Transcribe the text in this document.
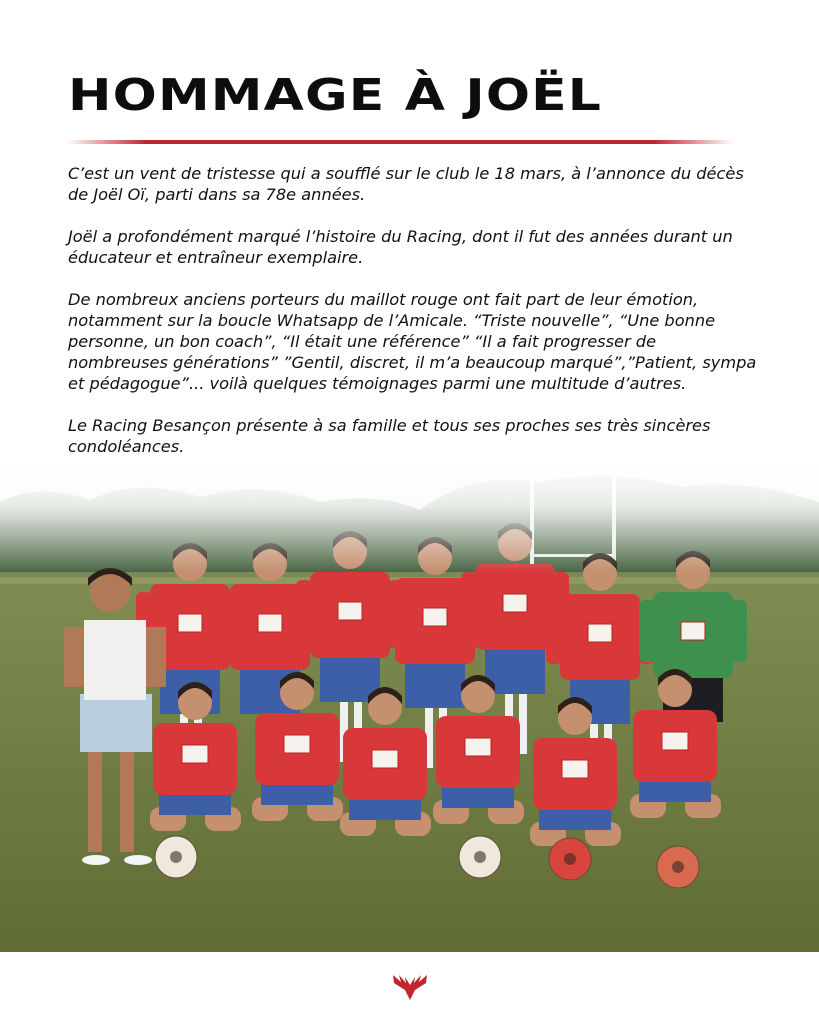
HOMMAGE À JOËL

C’est un vent de tristesse qui a soufflé sur le club le 18 mars, à l’annonce du décès de Joël Oï, parti dans sa 78e années.

Joël a profondément marqué l’histoire du Racing, dont il fut des années durant un éducateur et entraîneur exemplaire.

De nombreux anciens porteurs du maillot rouge ont fait part de leur émotion, notamment sur la boucle Whatsapp de l’Amicale. “Triste nouvelle”, “Une bonne personne, un bon coach”, “Il était une référence” “Il a fait progresser de nombreuses générations” ”Gentil, discret, il m’a beaucoup marqué”,”Patient, sympa et pédagogue”... voilà quelques témoignages parmi une multitude d’autres.

Le Racing Besançon présente à sa famille et tous ses proches ses très sincères condoléances.
